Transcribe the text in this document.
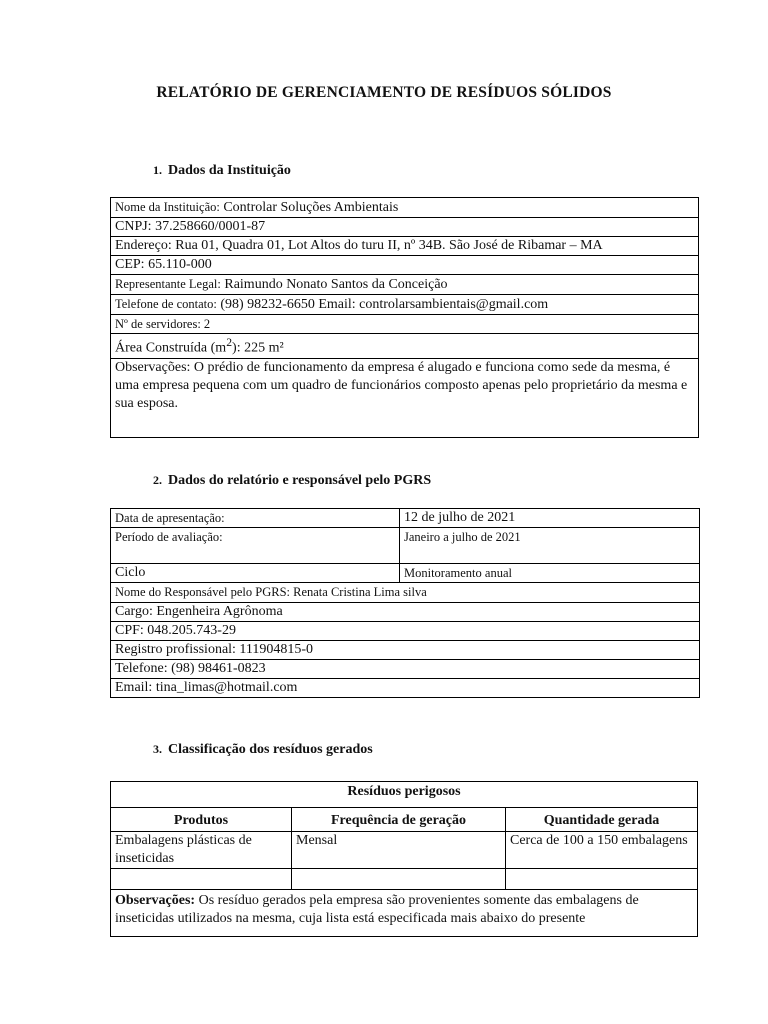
RELATÓRIO DE GERENCIAMENTO DE RESÍDUOS SÓLIDOS
1. Dados da Instituição
Nome da Instituição: Controlar Soluções Ambientais
CNPJ: 37.258660/0001-87
Endereço: Rua 01, Quadra 01, Lot Altos do turu II, nº 34B. São José de Ribamar – MA
CEP: 65.110-000
Representante Legal: Raimundo Nonato Santos da Conceição
Telefone de contato: (98) 98232-6650 Email: controlarsambientais@gmail.com
Nº de servidores: 2
Área Construída $(m^2)$: 225 m²
Observações: O prédio de funcionamento da empresa é alugado e funciona como sede da mesma, é uma empresa pequena com um quadro de funcionários composto apenas pelo proprietário da mesma e sua esposa.
2. Dados do relatório e responsável pelo PGRS
Data de apresentação:	12 de julho de 2021
Período de avaliação:	Janeiro a julho de 2021
Ciclo	Monitoramento anual
Nome do Responsável pelo PGRS: Renata Cristina Lima silva	
Cargo: Engenheira Agrônoma	
CPF: 048.205.743-29	
Registro profissional: 111904815-0	
Telefone: (98) 98461-0823	
Email: tina_limas@hotmail.com	
3. Classificação dos resíduos gerados
Resíduos perigosos		
Produtos	Frequência de geração	Quantidade gerada
Embalagens plásticas de inseticidas	Mensal	Cerca de 100 a 150 embalagens

Observações: Os resíduo gerados pela empresa são provenientes somente das embalagens de inseticidas utilizados na mesma, cuja lista está especificada mais abaixo do presente		
